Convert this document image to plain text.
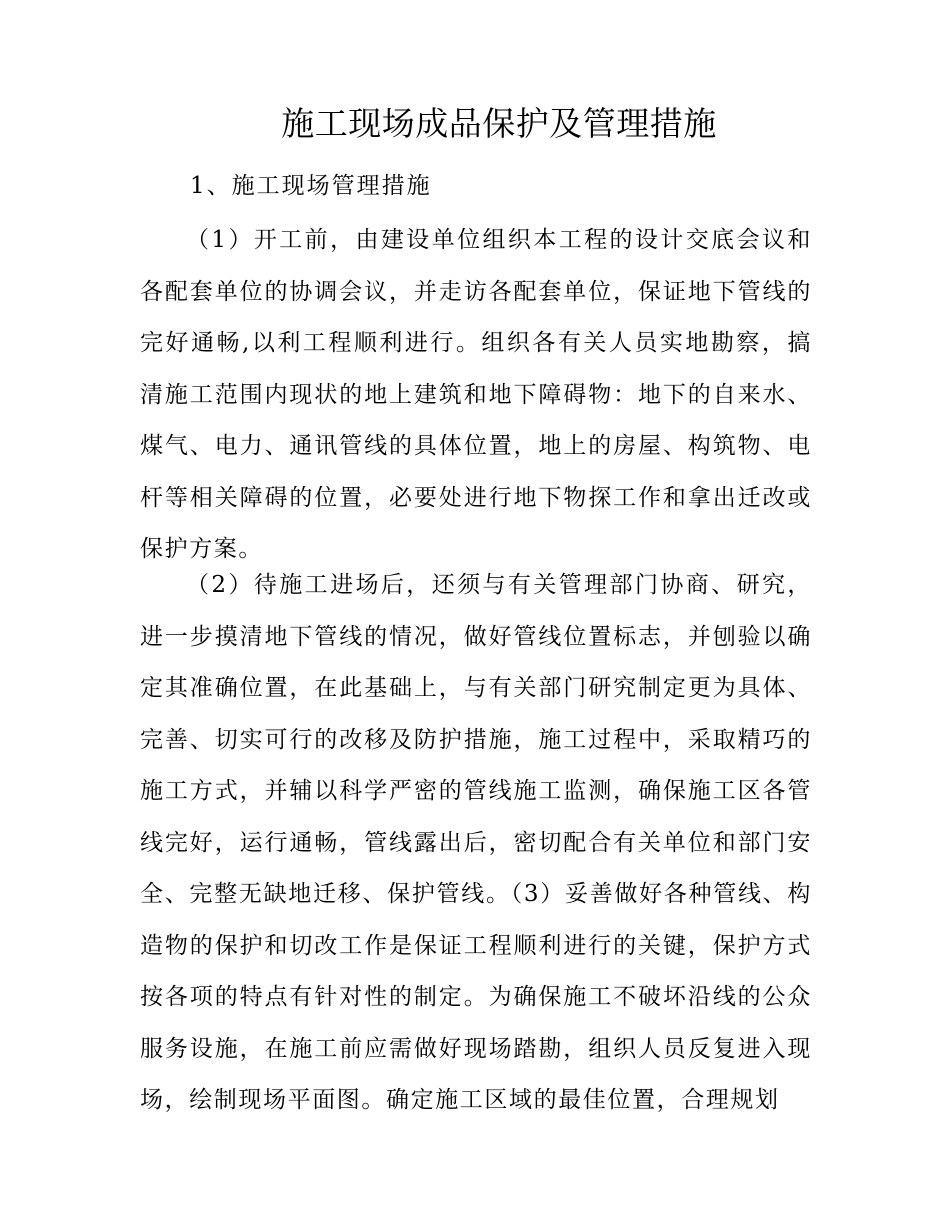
施工现场成品保护及管理措施
1、施工现场管理措施

（1）开工前，由建设单位组织本工程的设计交底会议和各配套单位的协调会议，并走访各配套单位，保证地下管线的完好通畅,以利工程顺利进行。组织各有关人员实地勘察，搞清施工范围内现状的地上建筑和地下障碍物：地下的自来水、煤气、电力、通讯管线的具体位置，地上的房屋、构筑物、电杆等相关障碍的位置，必要处进行地下物探工作和拿出迁改或保护方案。

（2）待施工进场后，还须与有关管理部门协商、研究，进一步摸清地下管线的情况，做好管线位置标志，并刨验以确定其准确位置，在此基础上，与有关部门研究制定更为具体、完善、切实可行的改移及防护措施，施工过程中，采取精巧的施工方式，并辅以科学严密的管线施工监测，确保施工区各管线完好，运行通畅，管线露出后，密切配合有关单位和部门安全、完整无缺地迁移、保护管线。（3）妥善做好各种管线、构造物的保护和切改工作是保证工程顺利进行的关键，保护方式按各项的特点有针对性的制定。为确保施工不破坏沿线的公众服务设施，在施工前应需做好现场踏勘，组织人员反复进入现场，绘制现场平面图。确定施工区域的最佳位置，合理规划
